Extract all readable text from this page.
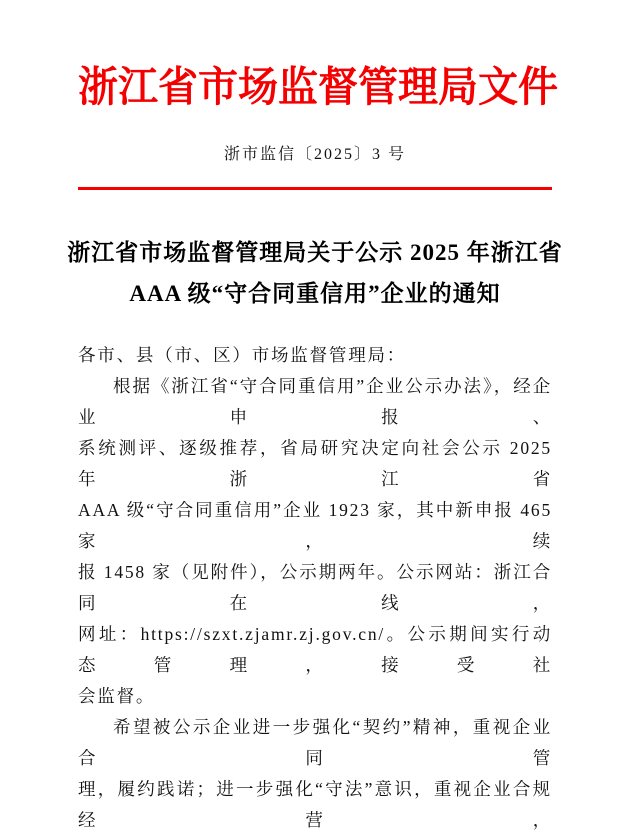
浙江省市场监督管理局文件
浙市监信〔2025〕3 号
浙江省市场监督管理局关于公示 2025 年浙江省
AAA 级“守合同重信用”企业的通知
各市、县（市、区）市场监督管理局：
根据《浙江省“守合同重信用”企业公示办法》，经企业申报、
系统测评、逐级推荐，省局研究决定向社会公示 2025 年浙江省
AAA 级“守合同重信用”企业 1923 家，其中新申报 465 家，续
报 1458 家（见附件），公示期两年。公示网站：浙江合同在线，
网址：https://szxt.zjamr.zj.gov.cn/。公示期间实行动态管理，接受社
会监督。
希望被公示企业进一步强化“契约”精神，重视企业合同管
理，履约践诺；进一步强化“守法”意识，重视企业合规经营，
